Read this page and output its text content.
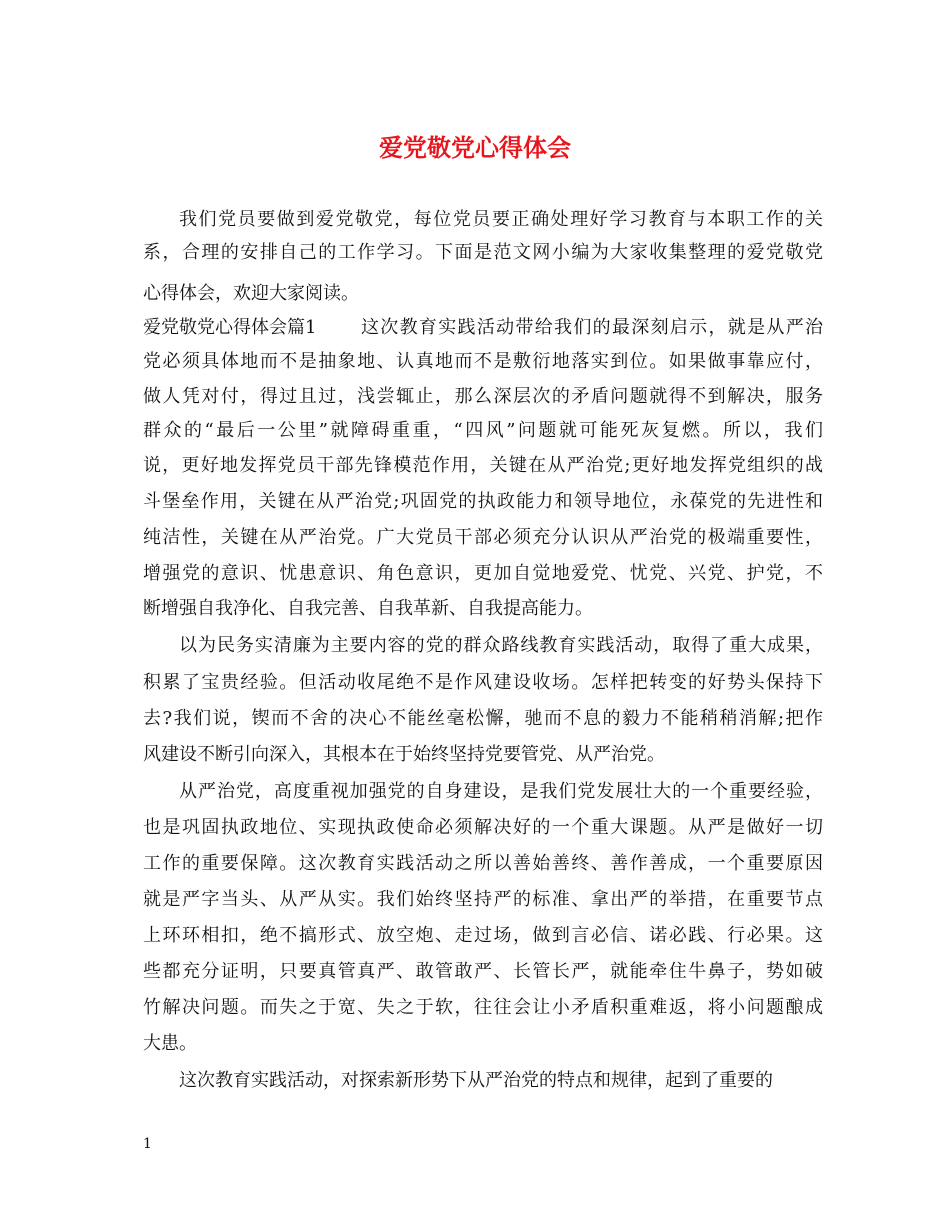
爱党敬党心得体会
我们党员要做到爱党敬党，每位党员要正确处理好学习教育与本职工作的关
系，合理的安排自己的工作学习。下面是范文网小编为大家收集整理的爱党敬党
心得体会，欢迎大家阅读。
爱党敬党心得体会篇1 这次教育实践活动带给我们的最深刻启示，就是从严治
党必须具体地而不是抽象地、认真地而不是敷衍地落实到位。如果做事靠应付，
做人凭对付，得过且过，浅尝辄止，那么深层次的矛盾问题就得不到解决，服务
群众的“最后一公里”就障碍重重，“四风”问题就可能死灰复燃。所以，我们
说，更好地发挥党员干部先锋模范作用，关键在从严治党;更好地发挥党组织的战
斗堡垒作用，关键在从严治党;巩固党的执政能力和领导地位，永葆党的先进性和
纯洁性，关键在从严治党。广大党员干部必须充分认识从严治党的极端重要性，
增强党的意识、忧患意识、角色意识，更加自觉地爱党、忧党、兴党、护党，不
断增强自我净化、自我完善、自我革新、自我提高能力。
以为民务实清廉为主要内容的党的群众路线教育实践活动，取得了重大成果，
积累了宝贵经验。但活动收尾绝不是作风建设收场。怎样把转变的好势头保持下
去?我们说，锲而不舍的决心不能丝毫松懈，驰而不息的毅力不能稍稍消解;把作
风建设不断引向深入，其根本在于始终坚持党要管党、从严治党。
从严治党，高度重视加强党的自身建设，是我们党发展壮大的一个重要经验，
也是巩固执政地位、实现执政使命必须解决好的一个重大课题。从严是做好一切
工作的重要保障。这次教育实践活动之所以善始善终、善作善成，一个重要原因
就是严字当头、从严从实。我们始终坚持严的标准、拿出严的举措，在重要节点
上环环相扣，绝不搞形式、放空炮、走过场，做到言必信、诺必践、行必果。这
些都充分证明，只要真管真严、敢管敢严、长管长严，就能牵住牛鼻子，势如破
竹解决问题。而失之于宽、失之于软，往往会让小矛盾积重难返，将小问题酿成
大患。
这次教育实践活动，对探索新形势下从严治党的特点和规律，起到了重要的
1
